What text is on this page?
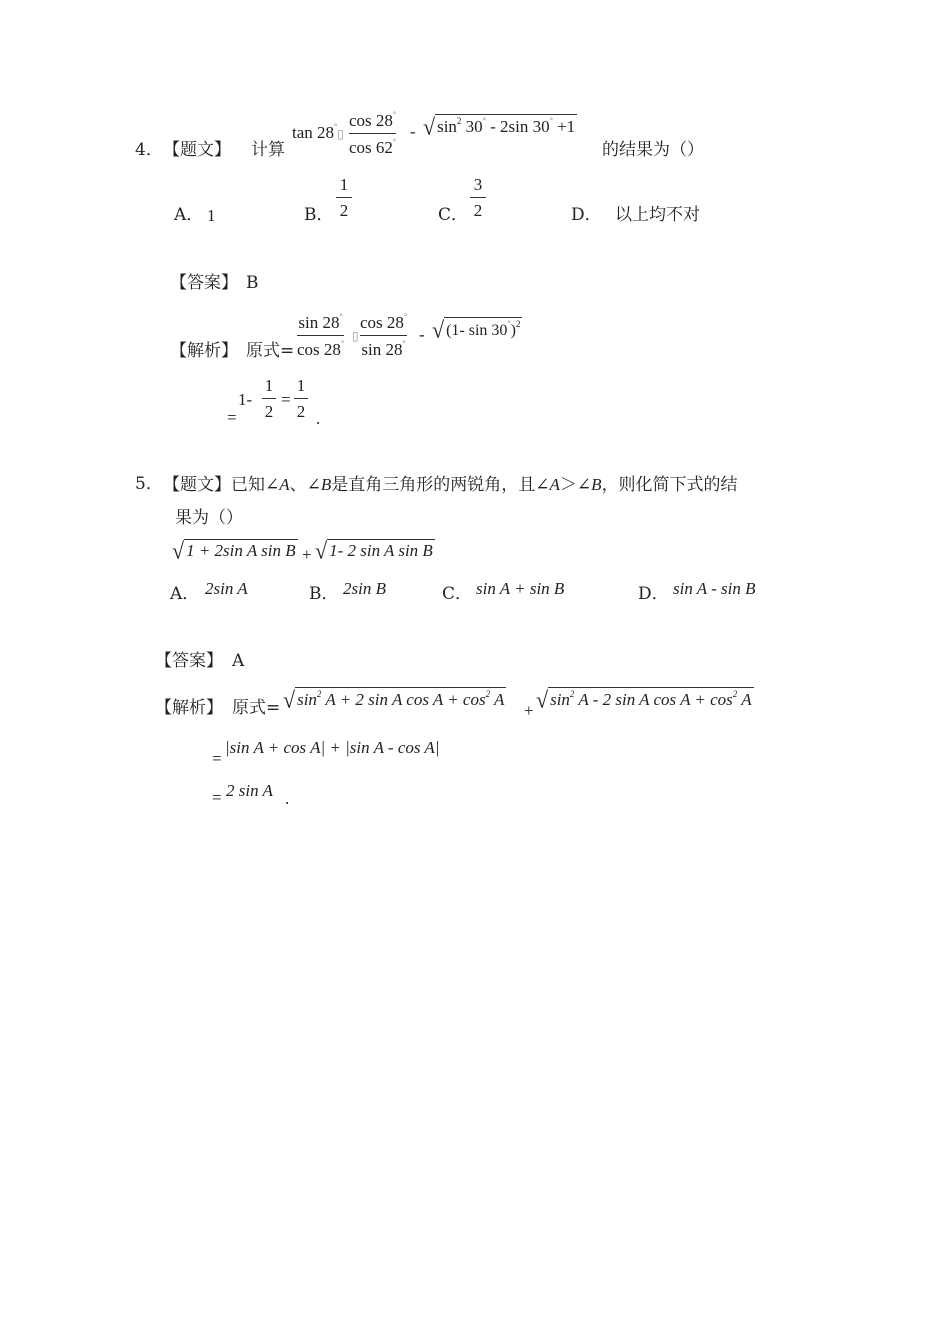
4． 【题文】 计算
tan 28°▯
cos 28°
cos 62°
- √ $\sin^2 30^\circ - 2\sin$ 30° +1
的结果为（）
A． 1	B．
1
2	C．
3
2	D． 以上均不对
【答案】 B
【解析】 原式=
sin 28°
cos 28°
▯
cos 28°
sin 28° - √ (1- sin 30°)$^2$
=
1-
1
2
=
1
2 .
5． 【题文】已知∠A、∠B是直角三角形的两锐角，且∠A＞∠B，则化简下式的结
果为（）
√ 1 + 2sin A sin B + √ 1- 2 sin A sin B
A． 2sin A	B． 2sin B	C． sin A + sin B	D． sin A - sin B
【答案】 A
【解析】 原式= √ $\sin^2 A + 2$ sin A $\cos A + \cos^2 A$
+ √ $\sin^2 A - 2$ sin A $\cos A + \cos^2 A$
=
|sin A + cos A| + |sin A - cos A|
= 2 sin A .
